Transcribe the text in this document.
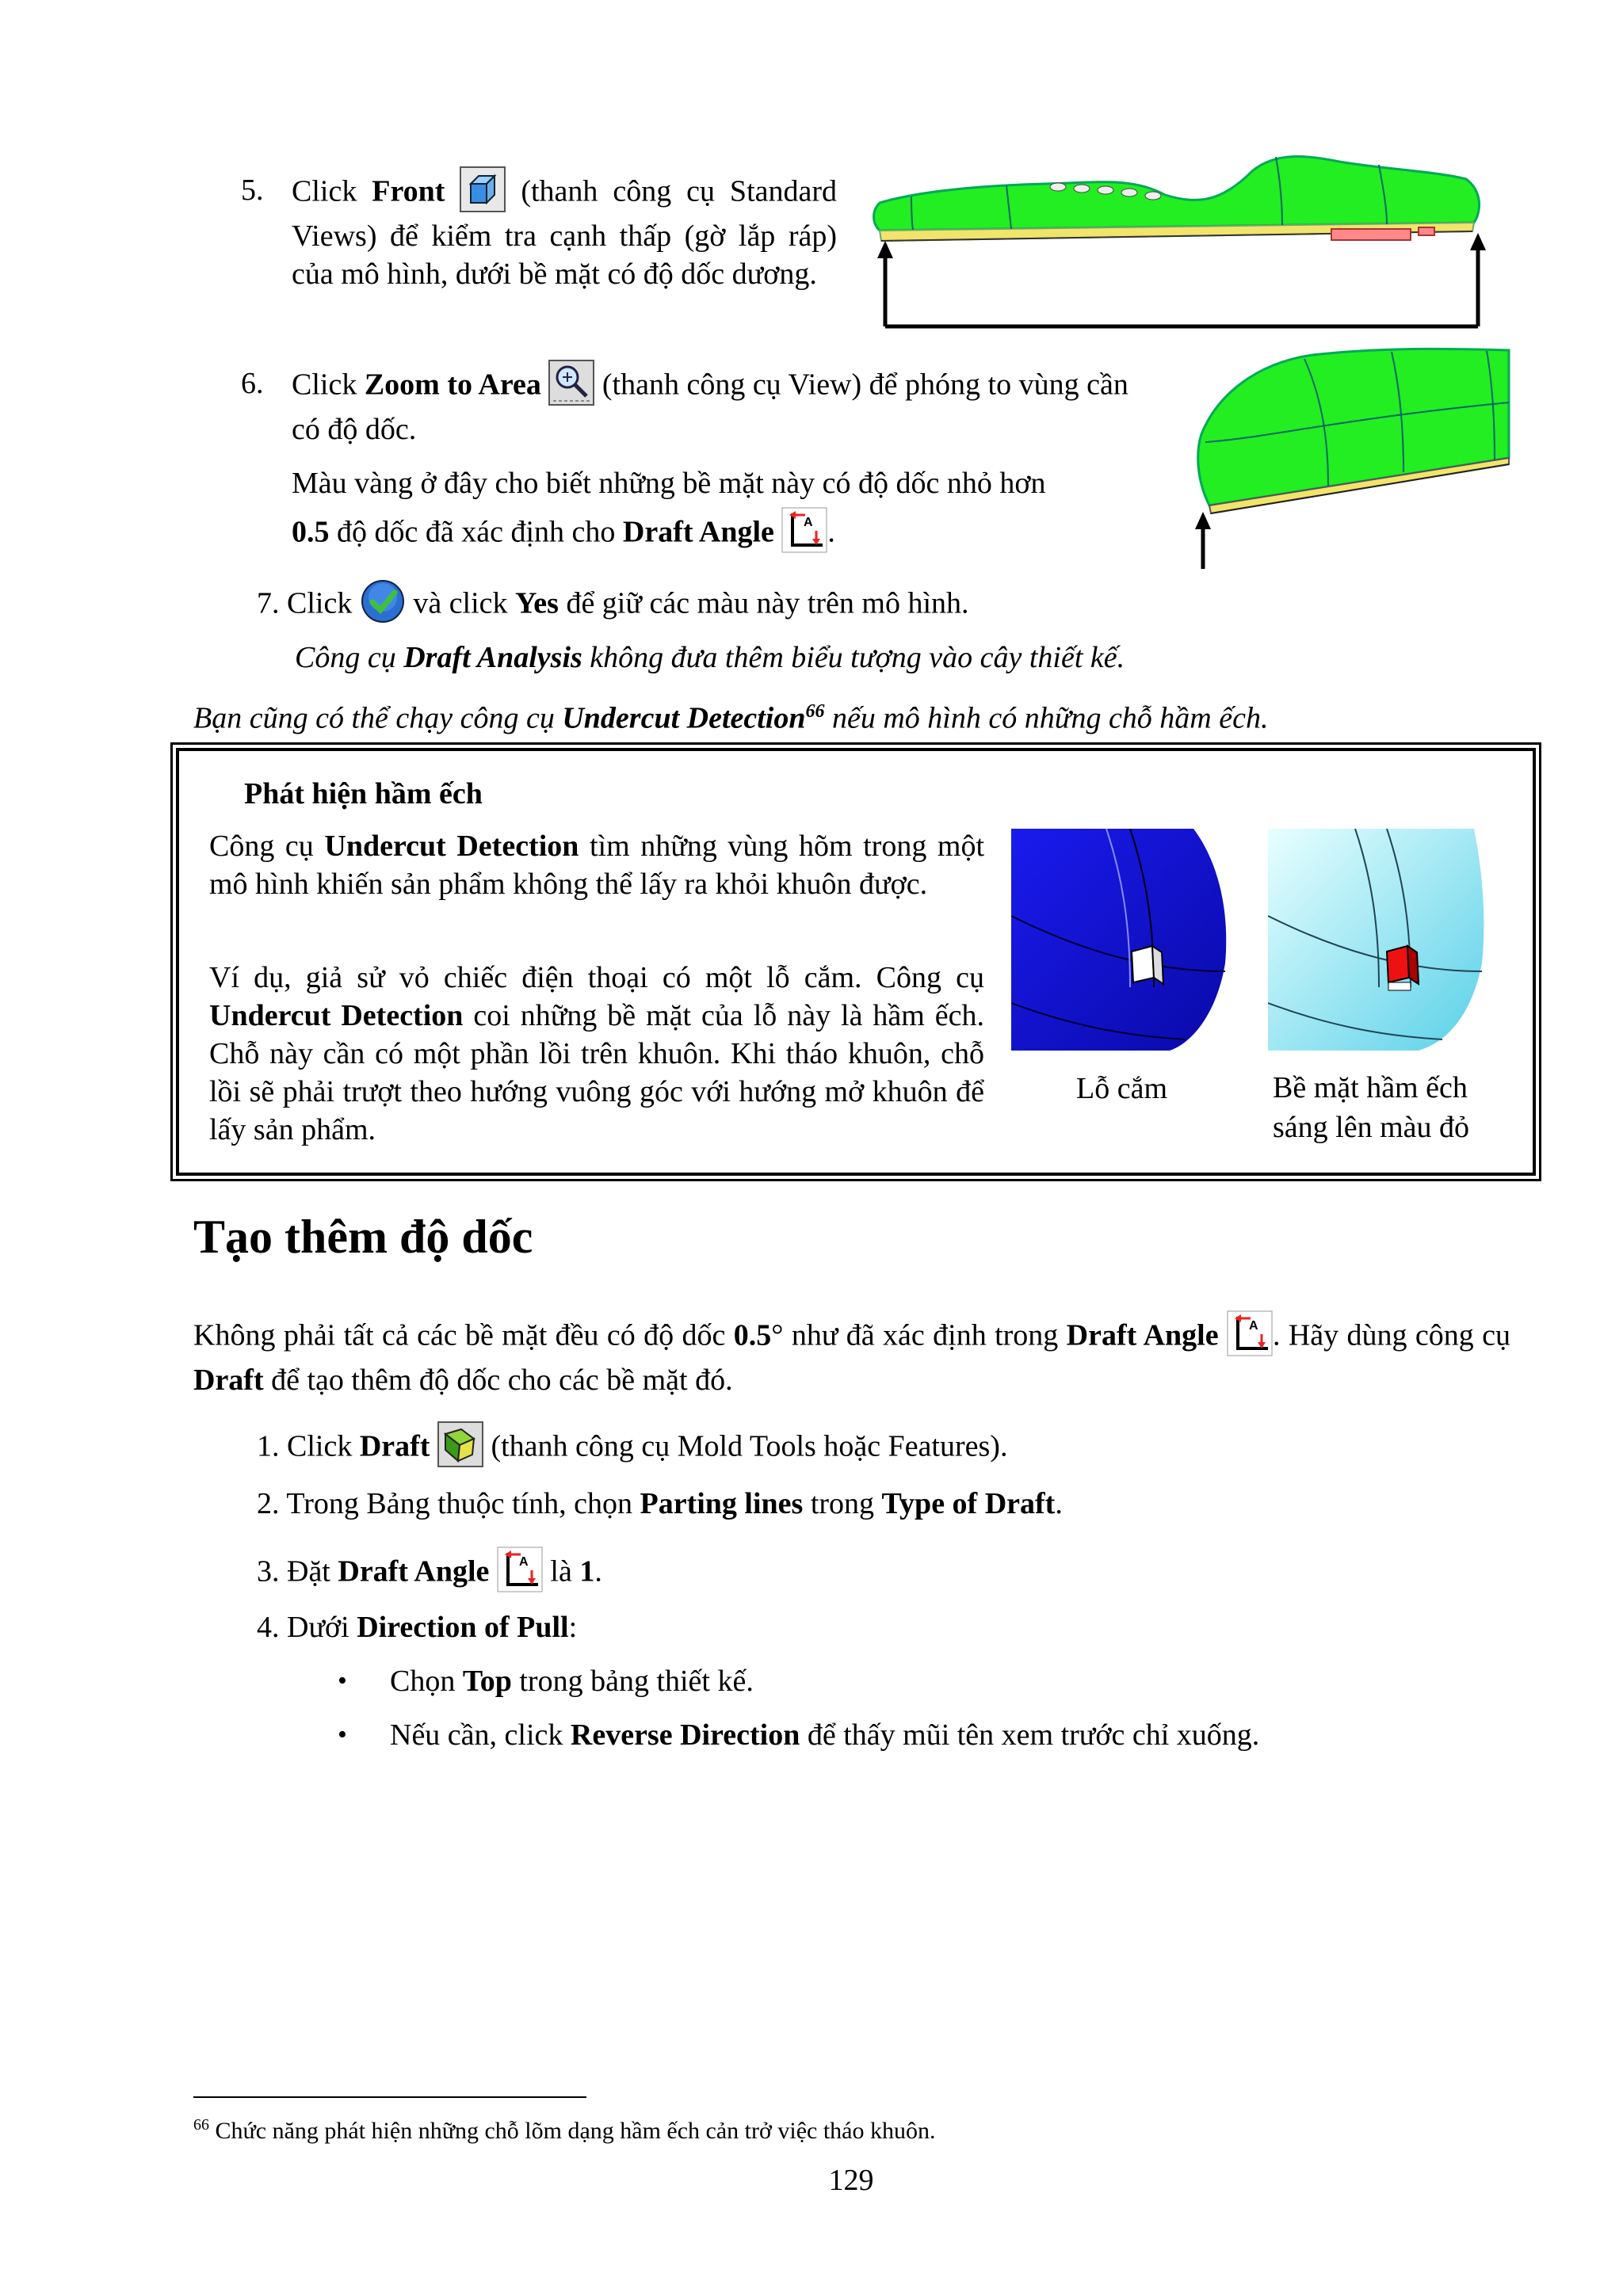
5. Click Front  (thanh công cụ Standard Views) để kiểm tra cạnh thấp (gờ lắp ráp) của mô hình, dưới bề mặt có độ dốc dương.
6. Click Zoom to Area  (thanh công cụ View) để phóng to vùng cần có độ dốc.
Màu vàng ở đây cho biết những bề mặt này có độ dốc nhỏ hơn
0.5 độ dốc đã xác định cho Draft Angle A .
7. Click  và click Yes để giữ các màu này trên mô hình.
Công cụ Draft Analysis không đưa thêm biểu tượng vào cây thiết kế.
Bạn cũng có thể chạy công cụ Undercut Detection$^{66}$ nếu mô hình có những chỗ hầm ếch.
Phát hiện hầm ếch
Công cụ Undercut Detection tìm những vùng hõm trong một mô hình khiến sản phẩm không thể lấy ra khỏi khuôn được.
Ví dụ, giả sử vỏ chiếc điện thoại có một lỗ cắm. Công cụ Undercut Detection coi những bề mặt của lỗ này là hầm ếch. Chỗ này cần có một phần lồi trên khuôn. Khi tháo khuôn, chỗ lồi sẽ phải trượt theo hướng vuông góc với hướng mở khuôn để lấy sản phẩm.
Lỗ cắm	Bề mặt hầm ếch
sáng lên màu đỏ
Tạo thêm độ dốc
Không phải tất cả các bề mặt đều có độ dốc 0.5° như đã xác định trong Draft Angle A . Hãy dùng công cụ Draft để tạo thêm độ dốc cho các bề mặt đó.
1. Click Draft  (thanh công cụ Mold Tools hoặc Features).
2. Trong Bảng thuộc tính, chọn Parting lines trong Type of Draft.
3. Đặt Draft Angle A là 1.
4. Dưới Direction of Pull:
• Chọn Top trong bảng thiết kế.
• Nếu cần, click Reverse Direction để thấy mũi tên xem trước chỉ xuống.
$^{66}$ Chức năng phát hiện những chỗ lõm dạng hầm ếch cản trở việc tháo khuôn.
129
